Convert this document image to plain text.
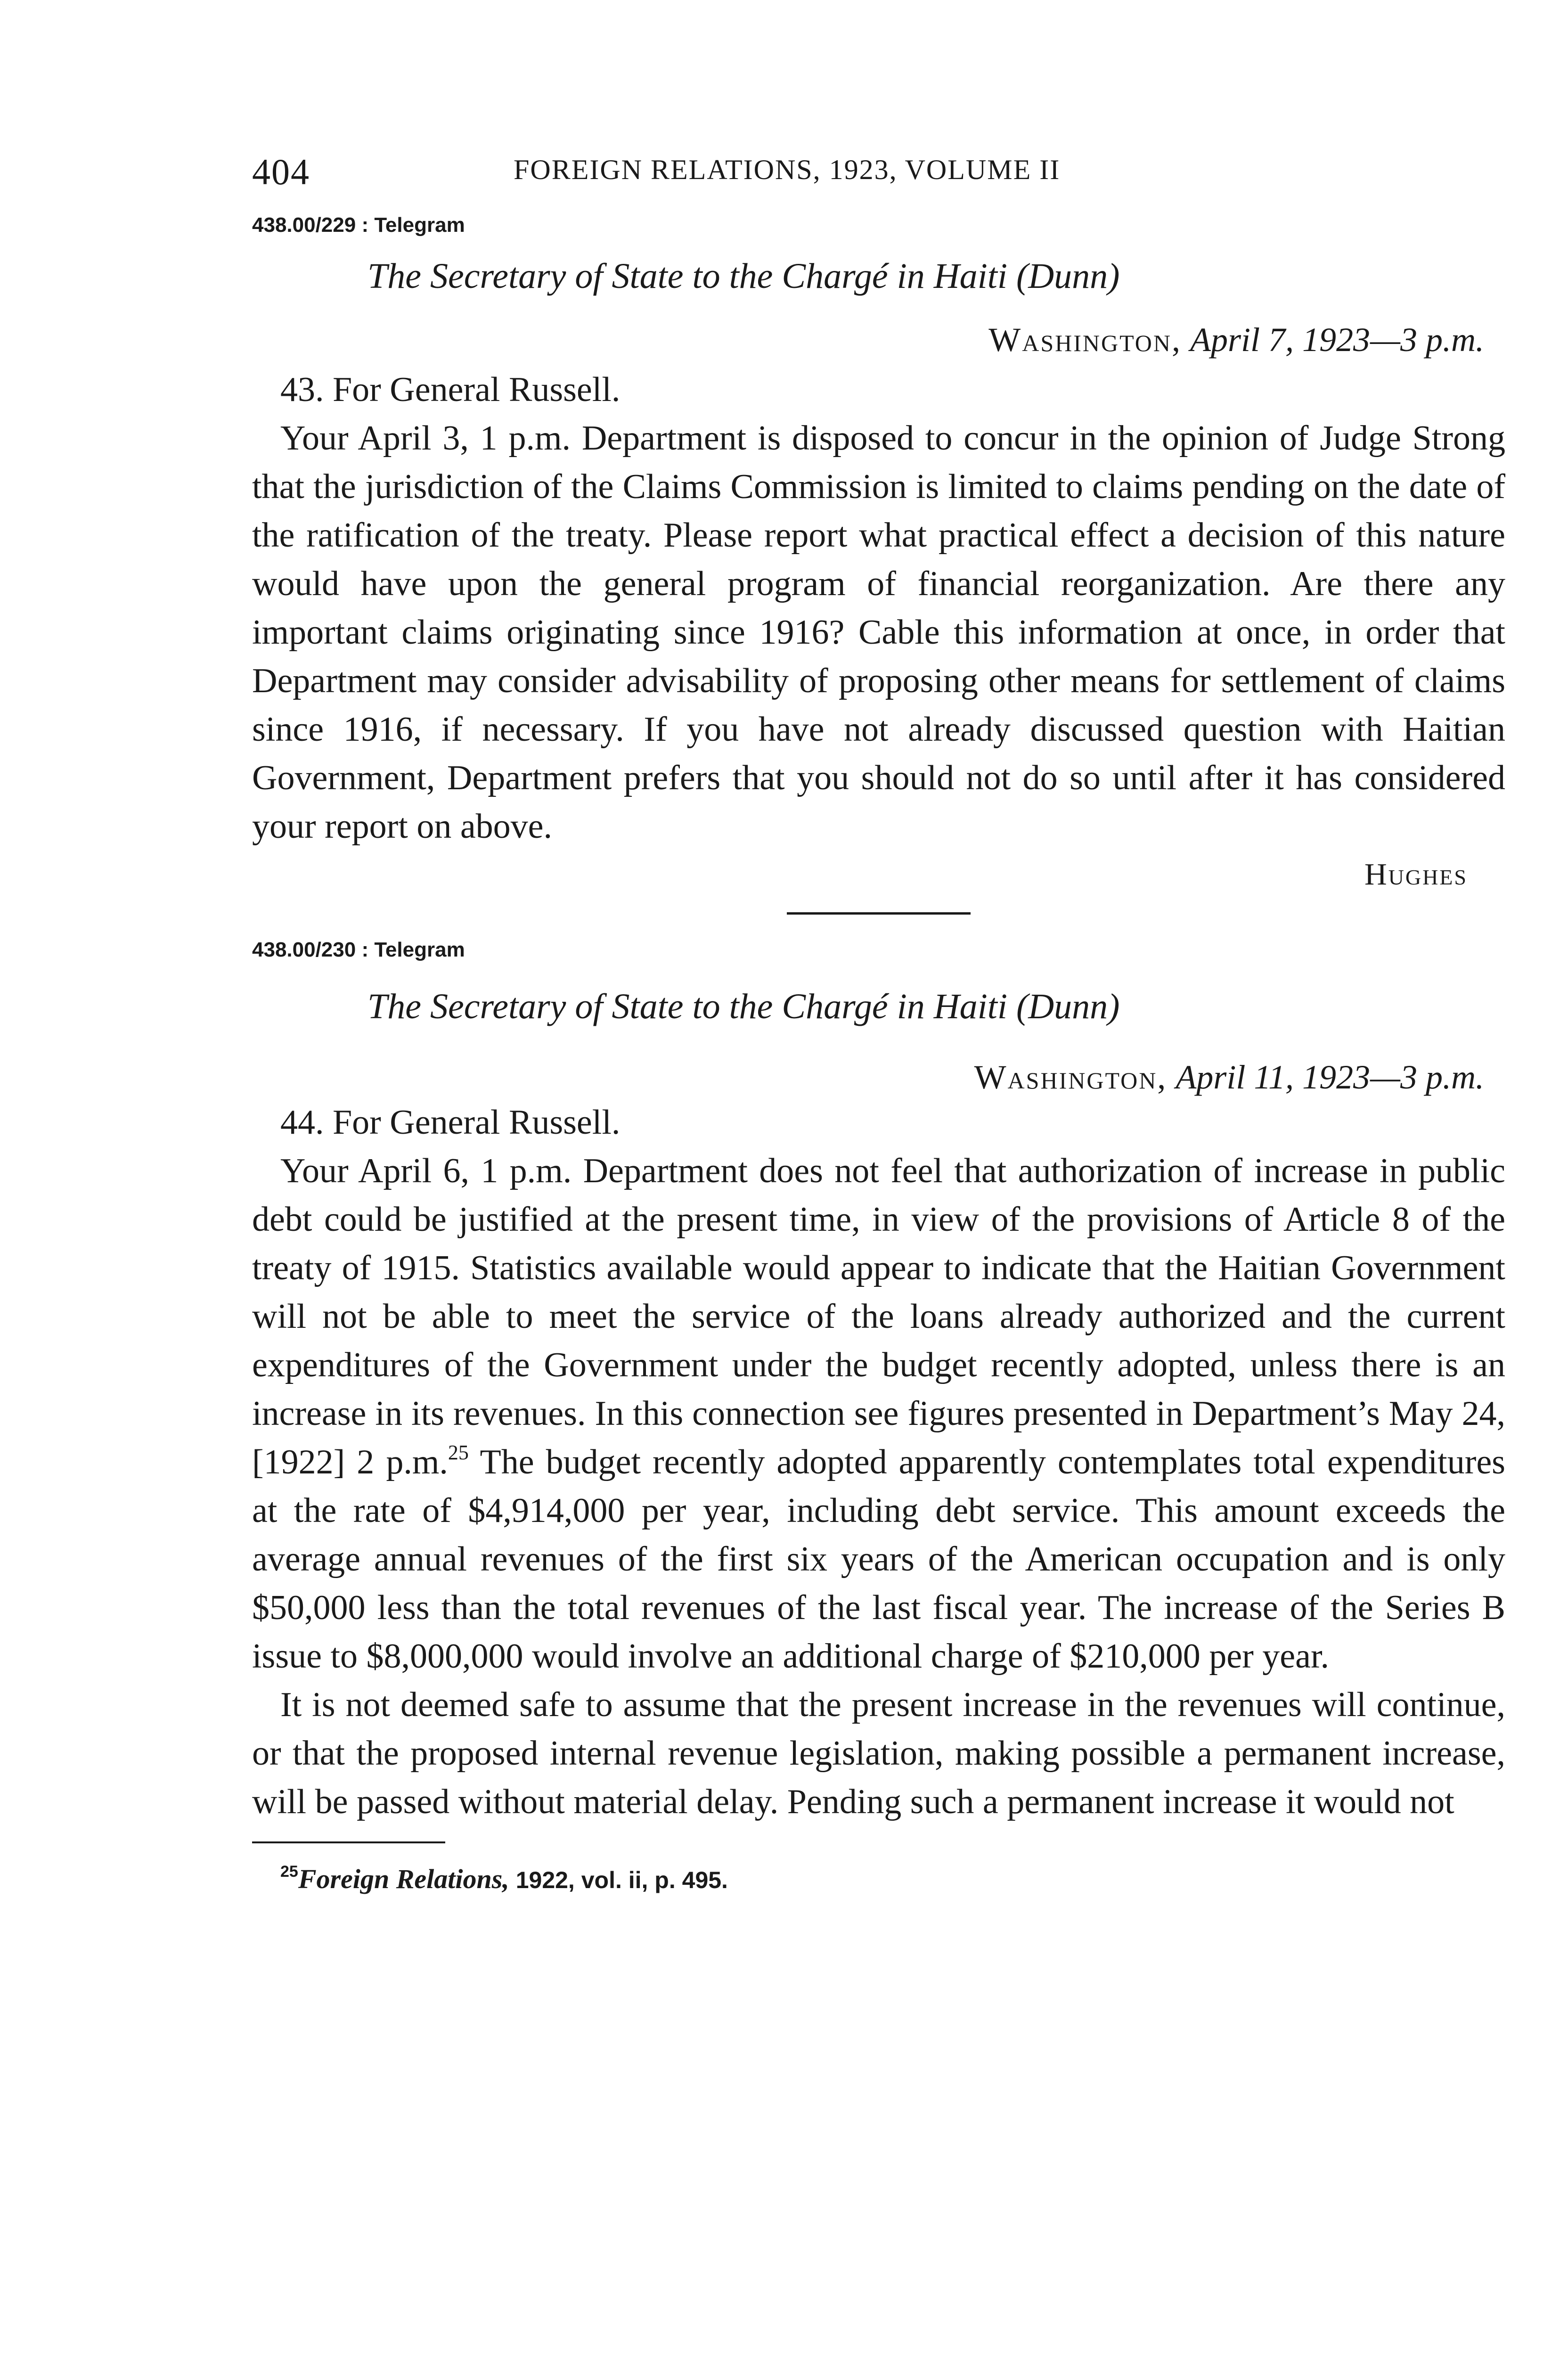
404	FOREIGN RELATIONS, 1923, VOLUME II
438.00/229 : Telegram
The Secretary of State to the Chargé in Haiti (Dunn)
Washington, April 7, 1923—3 p.m.
43. For General Russell.

Your April 3, 1 p.m. Department is disposed to concur in the opinion of Judge Strong that the jurisdiction of the Claims Commission is limited to claims pending on the date of the ratification of the treaty. Please report what practical effect a decision of this nature would have upon the general program of financial reorganization. Are there any important claims originating since 1916? Cable this information at once, in order that Department may consider advisability of proposing other means for settlement of claims since 1916, if necessary. If you have not already discussed question with Haitian Government, Department prefers that you should not do so until after it has considered your report on above.

Hughes
438.00/230 : Telegram
The Secretary of State to the Chargé in Haiti (Dunn)
Washington, April 11, 1923—3 p.m.
44. For General Russell.

Your April 6, 1 p.m. Department does not feel that authorization of increase in public debt could be justified at the present time, in view of the provisions of Article 8 of the treaty of 1915. Statistics available would appear to indicate that the Haitian Government will not be able to meet the service of the loans already authorized and the current expenditures of the Government under the budget recently adopted, unless there is an increase in its revenues. In this connection see figures presented in Department’s May 24, [1922] 2 p.m.$^{25}$ The budget recently adopted apparently contemplates total expenditures at the rate of $4,914,000 per year, including debt service. This amount exceeds the average annual revenues of the first six years of the American occupation and is only $50,000 less than the total revenues of the last fiscal year. The increase of the Series B issue to $8,000,000 would involve an additional charge of $210,000 per year.

It is not deemed safe to assume that the present increase in the revenues will continue, or that the proposed internal revenue legislation, making possible a permanent increase, will be passed without material delay. Pending such a permanent increase it would not

$^{25}$Foreign Relations, 1922, vol. ii, p. 495.
